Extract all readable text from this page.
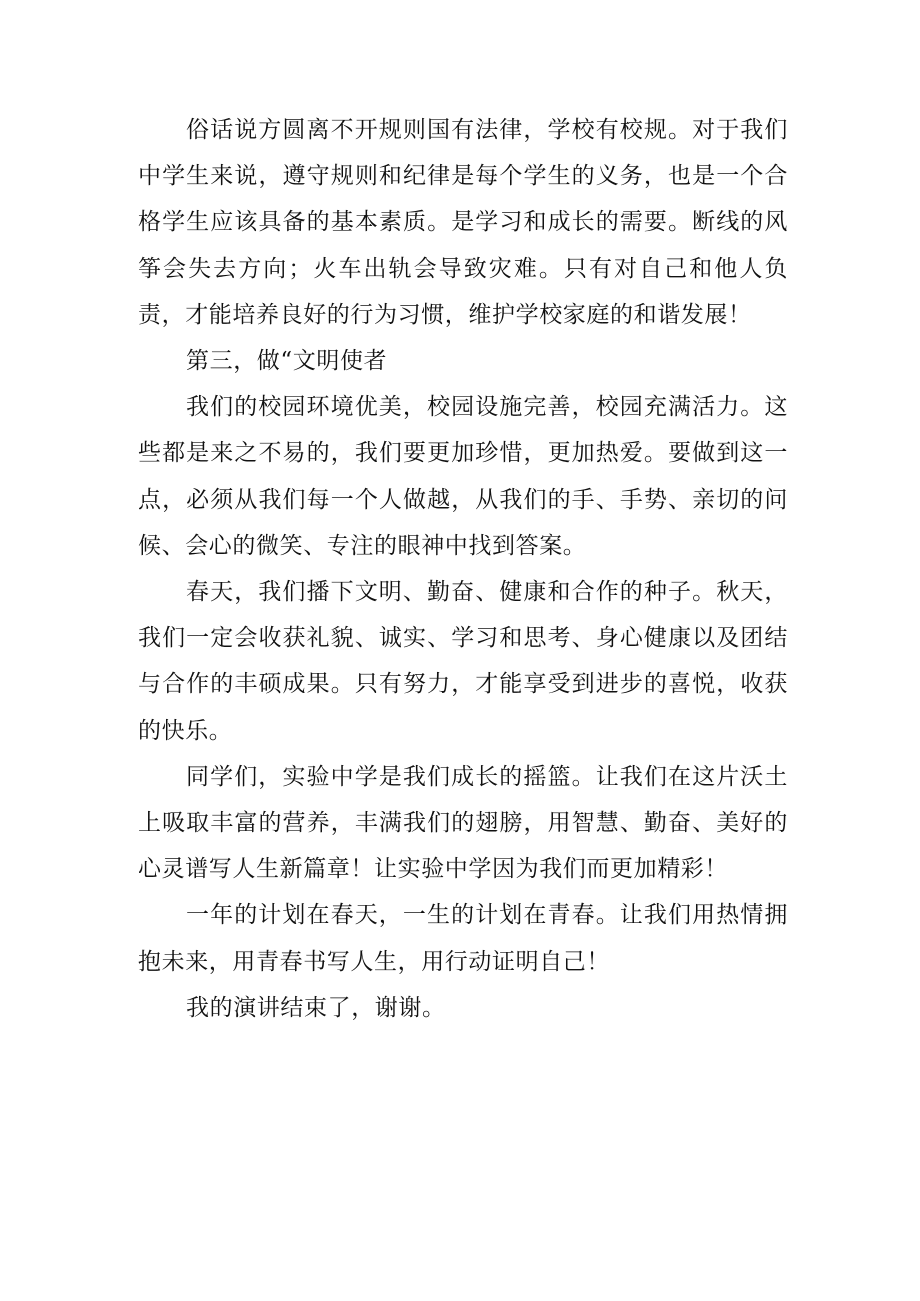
俗话说方圆离不开规则国有法律，学校有校规。对于我们中学生来说，遵守规则和纪律是每个学生的义务，也是一个合格学生应该具备的基本素质。是学习和成长的需要。断线的风筝会失去方向；火车出轨会导致灾难。只有对自己和他人负责，才能培养良好的行为习惯，维护学校家庭的和谐发展！

第三，做“文明使者

我们的校园环境优美，校园设施完善，校园充满活力。这些都是来之不易的，我们要更加珍惜，更加热爱。要做到这一点，必须从我们每一个人做越，从我们的手、手势、亲切的问候、会心的微笑、专注的眼神中找到答案。

春天，我们播下文明、勤奋、健康和合作的种子。秋天，我们一定会收获礼貌、诚实、学习和思考、身心健康以及团结与合作的丰硕成果。只有努力，才能享受到进步的喜悦，收获的快乐。

同学们，实验中学是我们成长的摇篮。让我们在这片沃土上吸取丰富的营养，丰满我们的翅膀，用智慧、勤奋、美好的心灵谱写人生新篇章！让实验中学因为我们而更加精彩！

一年的计划在春天，一生的计划在青春。让我们用热情拥抱未来，用青春书写人生，用行动证明自己！

我的演讲结束了，谢谢。
